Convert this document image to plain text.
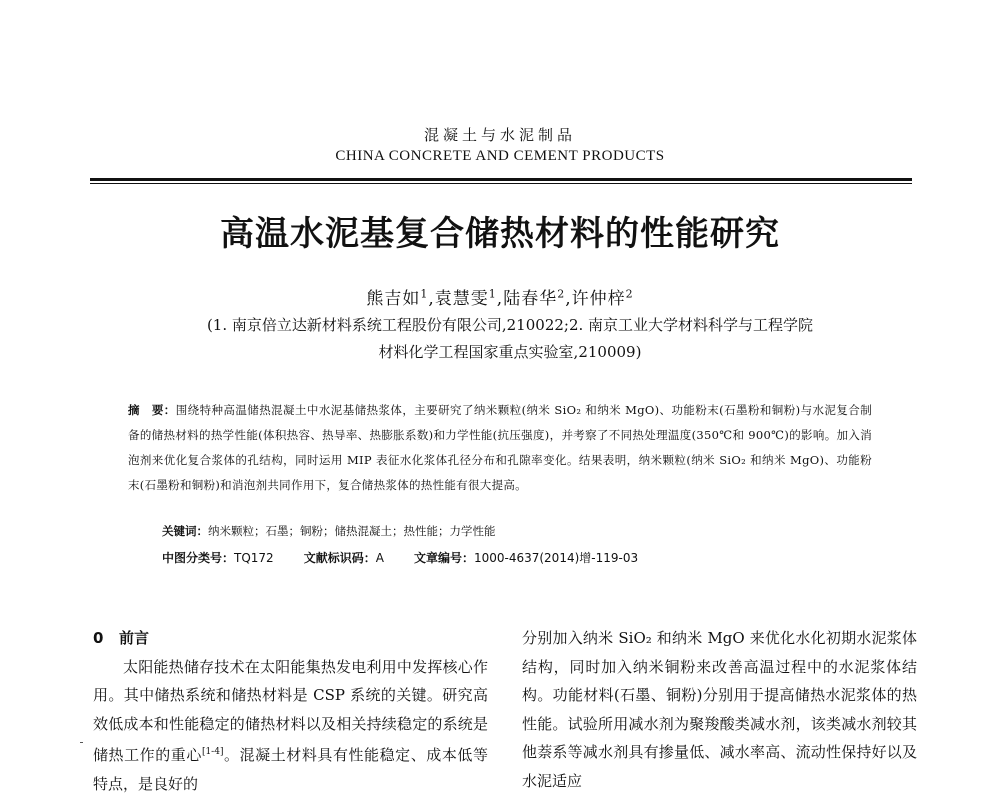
混凝土与水泥制品
CHINA CONCRETE AND CEMENT PRODUCTS
高温水泥基复合储热材料的性能研究
熊吉如$^1$,袁慧雯$^1$,陆春华$^2$,许仲梓$^2$
(1. 南京倍立达新材料系统工程股份有限公司,210022;2. 南京工业大学材料科学与工程学院
材料化学工程国家重点实验室,210009)
摘　要：围绕特种高温储热混凝土中水泥基储热浆体，主要研究了纳米颗粒(纳米 SiO₂ 和纳米 MgO)、功能粉末(石墨粉和铜粉)与水泥复合制备的储热材料的热学性能(体积热容、热导率、热膨胀系数)和力学性能(抗压强度)，并考察了不同热处理温度(350℃和 900℃)的影响。加入消泡剂来优化复合浆体的孔结构，同时运用 MIP 表征水化浆体孔径分布和孔隙率变化。结果表明，纳米颗粒(纳米 SiO₂ 和纳米 MgO)、功能粉末(石墨粉和铜粉)和消泡剂共同作用下，复合储热浆体的热性能有很大提高。
关键词：纳米颗粒；石墨；铜粉；储热混凝土；热性能；力学性能
中图分类号：TQ172	文献标识码：A	文章编号：1000-4637(2014)增-119-03

0 前言

太阳能热储存技术在太阳能集热发电利用中发挥核心作用。其中储热系统和储热材料是 CSP 系统的关键。研究高效低成本和性能稳定的储热材料以及相关持续稳定的系统是储热工作的重心[1-4]。混凝土材料具有性能稳定、成本低等特点，是良好的

分别加入纳米 SiO₂ 和纳米 MgO 来优化水化初期水泥浆体结构，同时加入纳米铜粉来改善高温过程中的水泥浆体结构。功能材料(石墨、铜粉)分别用于提高储热水泥浆体的热性能。试验所用减水剂为聚羧酸类减水剂，该类减水剂较其他萘系等减水剂具有掺量低、减水率高、流动性保持好以及水泥适应
